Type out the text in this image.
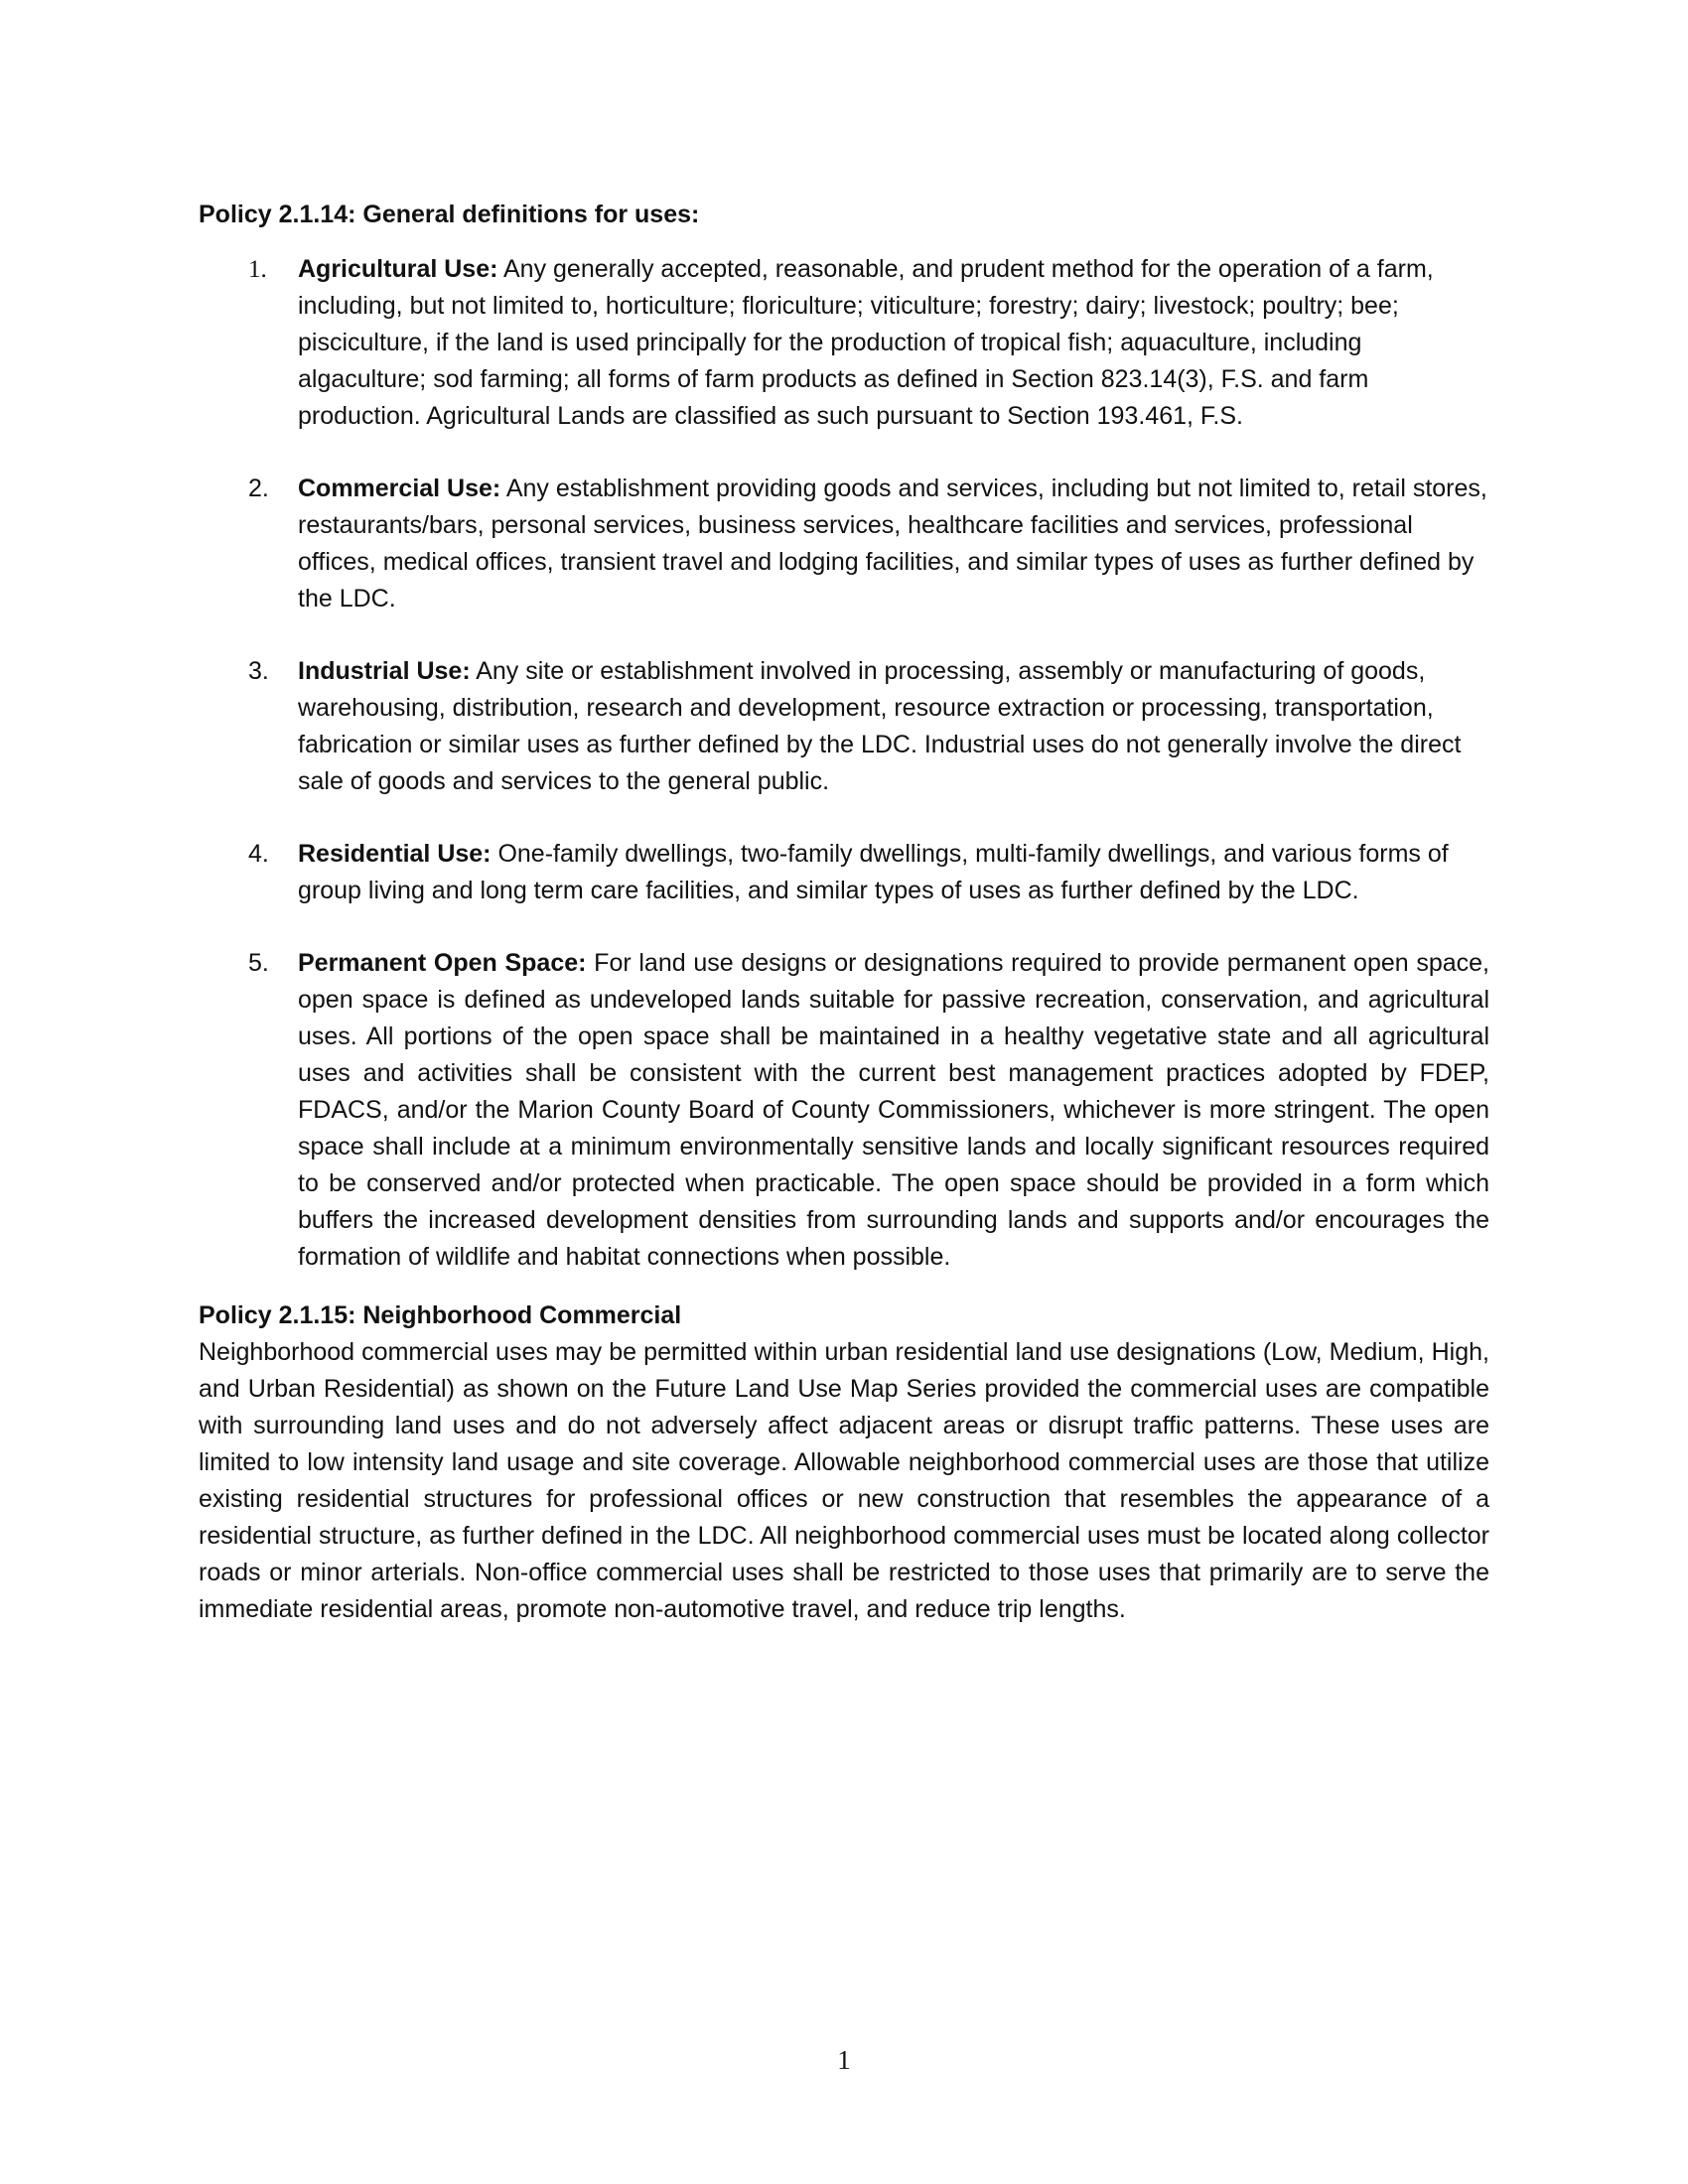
Policy 2.1.14: General definitions for uses:

1. Agricultural Use: Any generally accepted, reasonable, and prudent method for the operation of a farm, including, but not limited to, horticulture; floriculture; viticulture; forestry; dairy; livestock; poultry; bee; pisciculture, if the land is used principally for the production of tropical fish; aquaculture, including algaculture; sod farming; all forms of farm products as defined in Section 823.14(3), F.S. and farm production. Agricultural Lands are classified as such pursuant to Section 193.461, F.S.
2. Commercial Use: Any establishment providing goods and services, including but not limited to, retail stores, restaurants/bars, personal services, business services, healthcare facilities and services, professional offices, medical offices, transient travel and lodging facilities, and similar types of uses as further defined by the LDC.
3. Industrial Use: Any site or establishment involved in processing, assembly or manufacturing of goods, warehousing, distribution, research and development, resource extraction or processing, transportation, fabrication or similar uses as further defined by the LDC. Industrial uses do not generally involve the direct sale of goods and services to the general public.
4. Residential Use: One-family dwellings, two-family dwellings, multi-family dwellings, and various forms of group living and long term care facilities, and similar types of uses as further defined by the LDC.
5. Permanent Open Space: For land use designs or designations required to provide permanent open space, open space is defined as undeveloped lands suitable for passive recreation, conservation, and agricultural uses. All portions of the open space shall be maintained in a healthy vegetative state and all agricultural uses and activities shall be consistent with the current best management practices adopted by FDEP, FDACS, and/or the Marion County Board of County Commissioners, whichever is more stringent. The open space shall include at a minimum environmentally sensitive lands and locally significant resources required to be conserved and/or protected when practicable. The open space should be provided in a form which buffers the increased development densities from surrounding lands and supports and/or encourages the formation of wildlife and habitat connections when possible.

Policy 2.1.15: Neighborhood Commercial

Neighborhood commercial uses may be permitted within urban residential land use designations (Low, Medium, High, and Urban Residential) as shown on the Future Land Use Map Series provided the commercial uses are compatible with surrounding land uses and do not adversely affect adjacent areas or disrupt traffic patterns. These uses are limited to low intensity land usage and site coverage. Allowable neighborhood commercial uses are those that utilize existing residential structures for professional offices or new construction that resembles the appearance of a residential structure, as further defined in the LDC. All neighborhood commercial uses must be located along collector roads or minor arterials. Non-office commercial uses shall be restricted to those uses that primarily are to serve the immediate residential areas, promote non-automotive travel, and reduce trip lengths.

1
